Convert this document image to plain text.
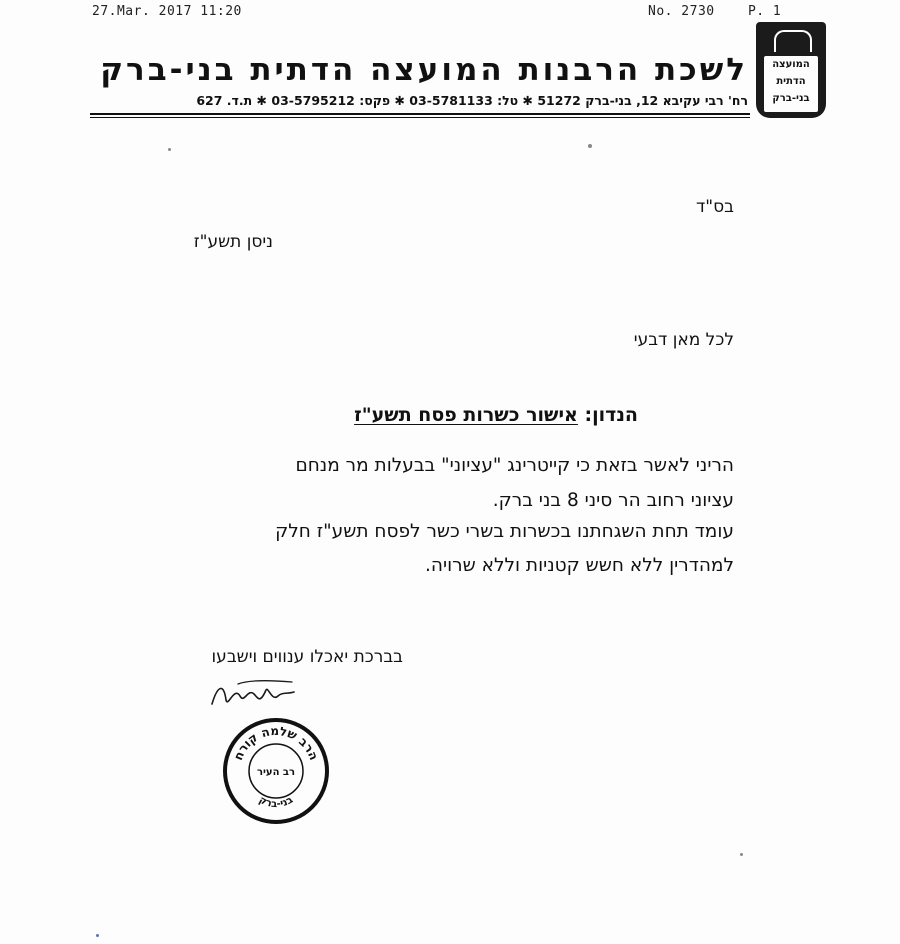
27.Mar. 2017 11:20	No. 2730	P. 1
המועצה
הדתית
בני-ברק
לשכת הרבנות המועצה הדתית בני-ברק
רח' רבי עקיבא 12, בני-ברק 51272 ✱ טל: 03-5781133 ✱ פקס: 03-5795212 ✱ ת.ד. 627
בס"ד
ניסן תשע"ז
לכל מאן דבעי
הנדון: אישור כשרות פסח תשע"ז
הריני לאשר בזאת כי קייטרינג "עציוני" בבעלות מר מנחם
עציוני רחוב הר סיני 8 בני ברק.
עומד תחת השגחתנו בכשרות בשרי כשר לפסח תשע"ז חלק
למהדרין ללא חשש קטניות וללא שרויה.
בברכת יאכלו ענווים וישבעו
הרב שלמה קורח
רב העיר
בני-ברק
